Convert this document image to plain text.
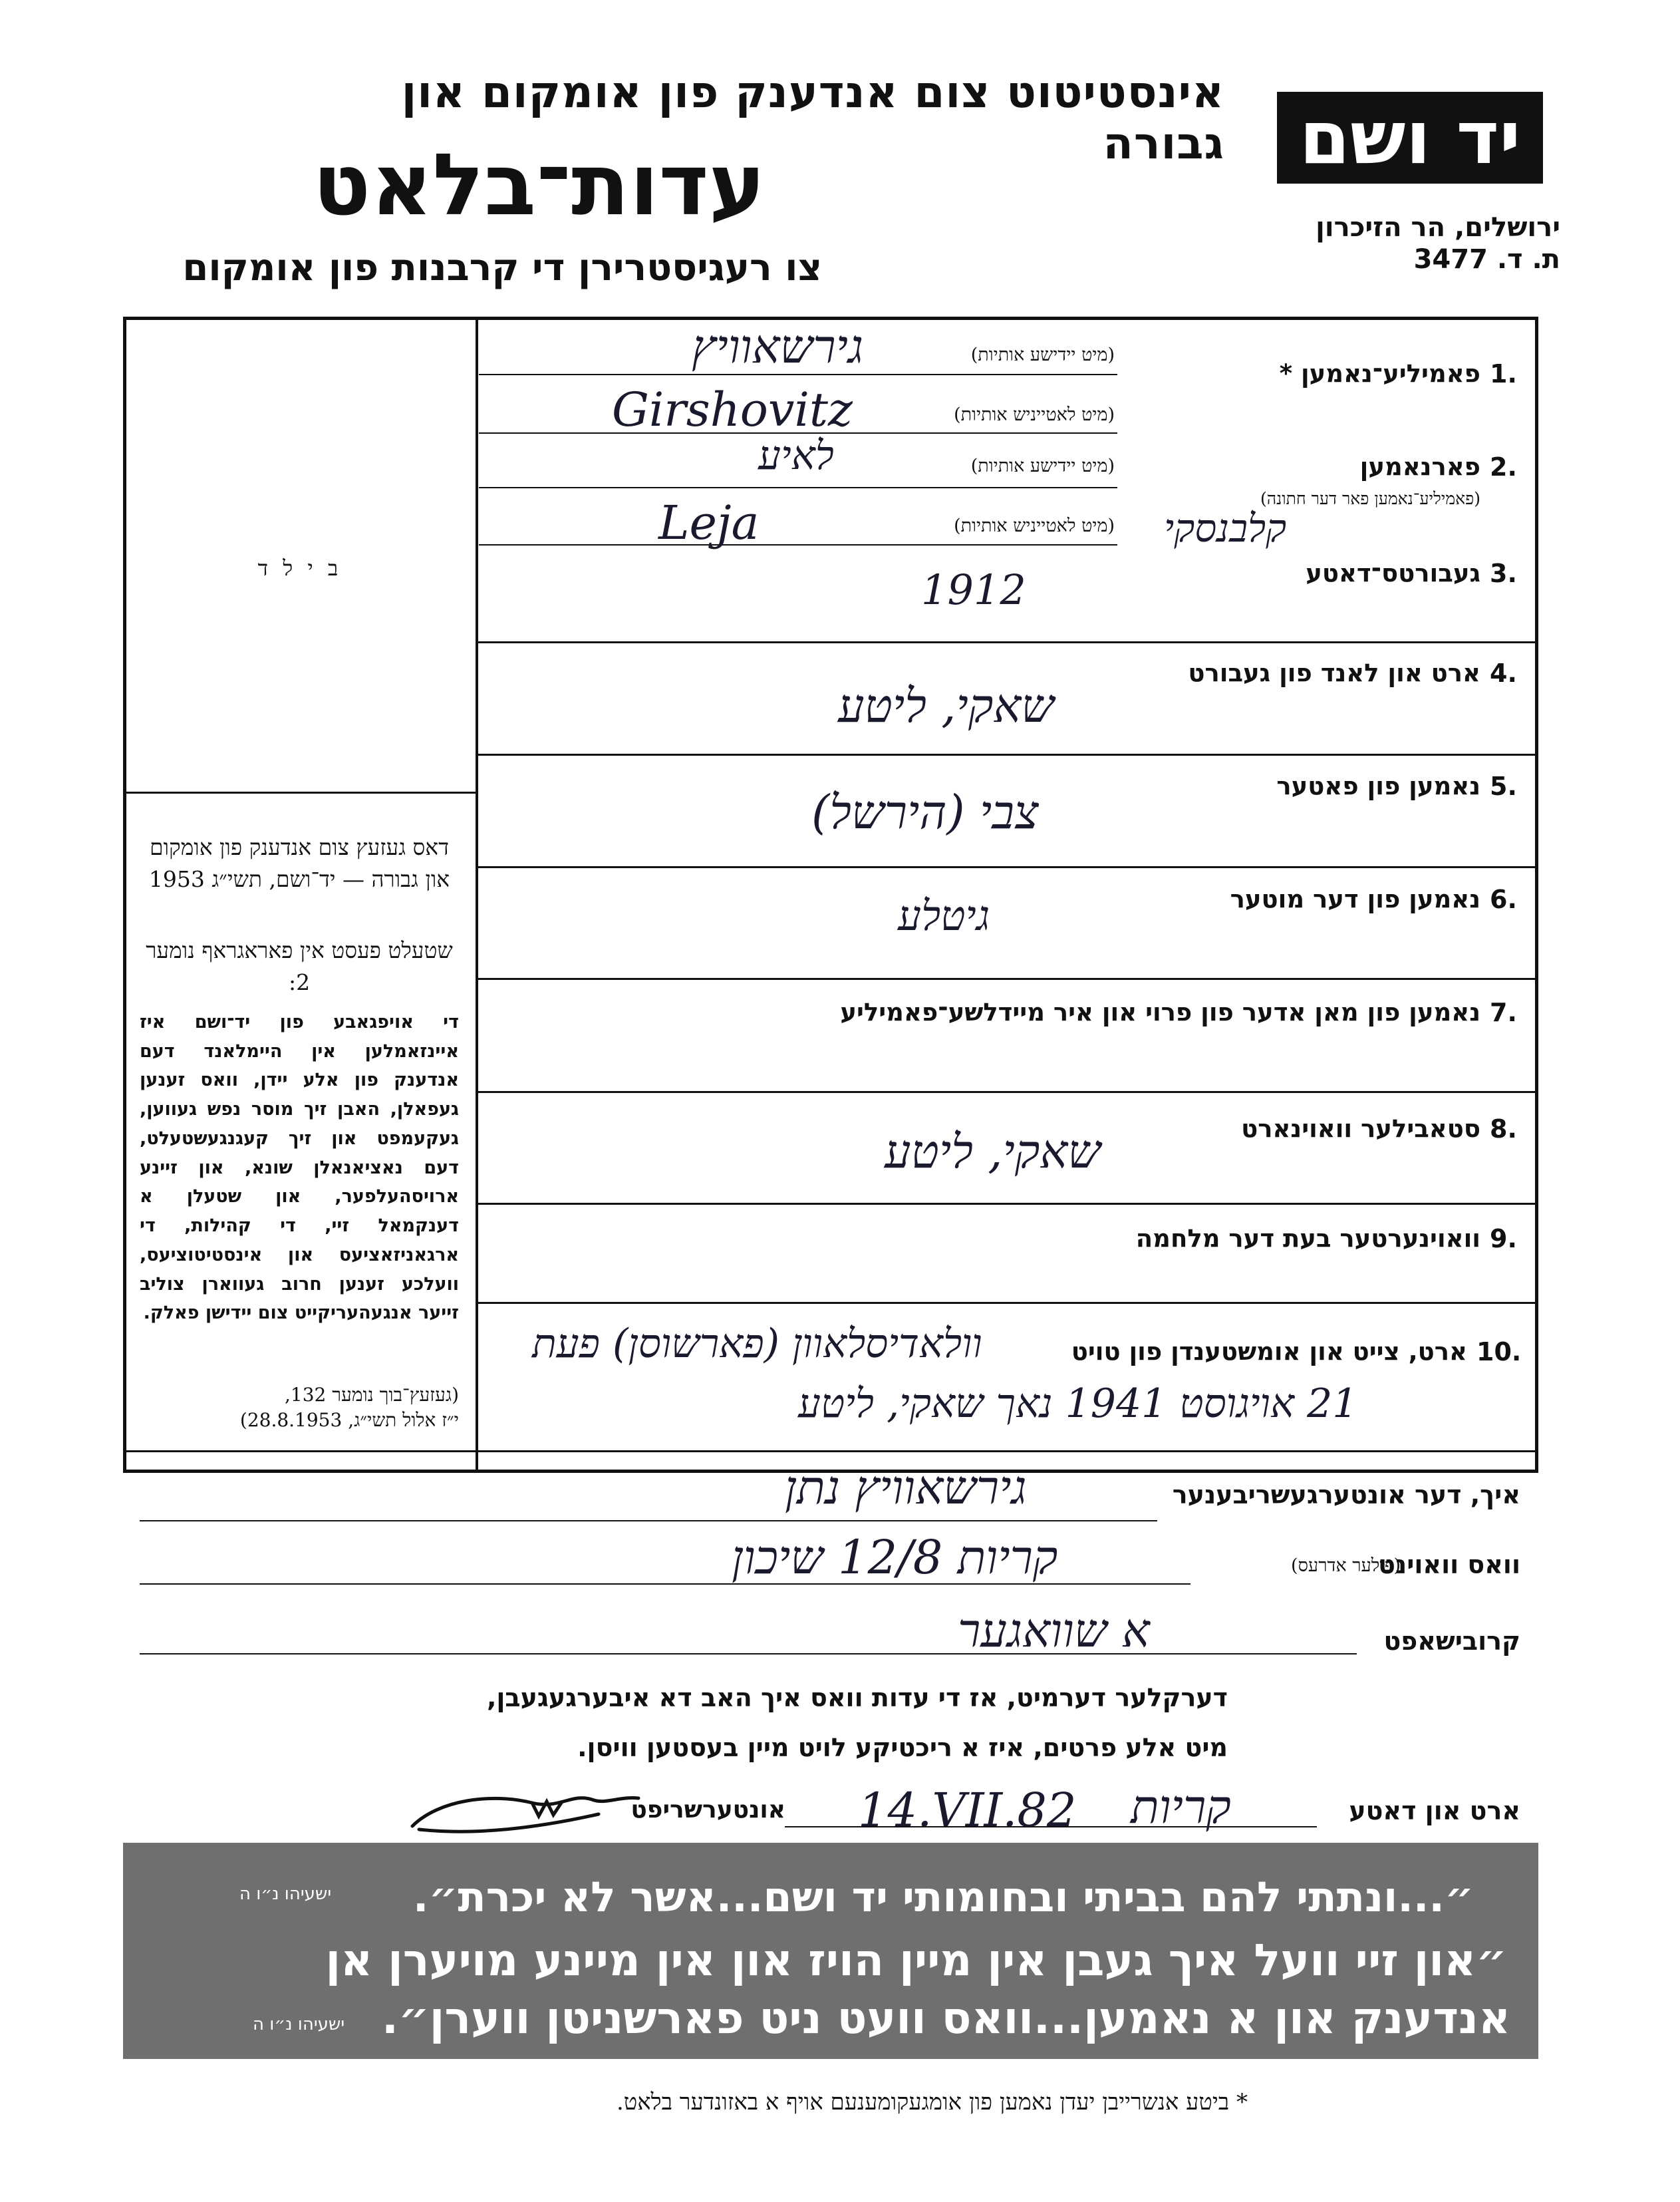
אינסטיטוט צום אנדענק פון אומקום און גבורה
עדות־בלאט
צו רעגיסטרירן די קרבנות פון אומקום
יד ושם
ירושלים, הר הזיכרון
ת. ד. 3477
ב י ל ד
דאס געזעץ צום אנדענק פון אומקום און גבורה — יד־ושם, תשי״ג 1953
שטעלט פעסט אין פאראגראף נומער 2:
די אויפגאבע פון יד־ושם איז איינזאמלען אין היימלאנד דעם אנדענק פון אלע יידן, וואס זענען געפאלן, האבן זיך מוסר נפש געווען, געקעמפט און זיך קעגנגעשטעלט, דעם נאציאנאלן שונא, און זיינע ארויסהעלפער, און שטעלן א דענקמאל זיי, די קהילות, די ארגאניזאציעס און אינסטיטוציעס, וועלכע זענען חרוב געווארן צוליב זייער אנגעהעריקייט צום יידישן פאלק.
(געזעץ־בוך נומער 132,
י״ז אלול תשי״ג, 28.8.1953)
1.
פאמיליע־נאמען *
(מיט יידישע אותיות)
(מיט לאטייניש אותיות)
גירשאוויץ
Girshovitz
2.
פארנאמען
(פאמיליע־נאמען פאר דער חתונה)
(מיט יידישע אותיות)
(מיט לאטייניש אותיות)
לאיע
Leja	קלבנסקי
3.
געבורטס־דאטע
1912
4.
ארט און לאנד פון געבורט
שאקי, ליטע
5.
נאמען פון פאטער
צבי (הירשל)
6.
נאמען פון דער מוטער
גיטלע
7.
נאמען פון מאן אדער פון פרוי און איר מיידלשע־פאמיליע
8.
סטאבילער וואוינארט
שאקי, ליטע
9.
וואוינערטער בעת דער מלחמה
10.
ארט, צייט און אומשטענדן פון טויט
וולאדיסלאוון (פארשוסן) פעת
21 אויגוסט 1941 נאך שאקי, ליטע
איך, דער אונטערגעשריבענער
גירשאוויץ נתן
וואס וואוינט
(פולער אדרעס)
קריות 12/8 שיכון
קרובישאפט
א שוואגער
דערקלער דערמיט, אז די עדות וואס איך האב דא איבערגעגעבן,
מיט אלע פרטים, איז א ריכטיקע לויט מיין בעסטען וויסן.
ארט און דאטע
קריות
14.VII.82
אונטערשריפט
״...ונתתי להם בביתי ובחומותי יד ושם...אשר לא יכרת״.
ישעיהו נ״ו ה
״און זיי וועל איך געבן אין מיין הויז און אין מיינע מויערן אן
אנדענק און א נאמען...וואס וועט ניט פארשניטן ווערן״.
ישעיהו נ״ו ה
* ביטע אנשרייבן יעדן נאמען פון אומגעקומענעם אויף א באזונדער בלאט.
